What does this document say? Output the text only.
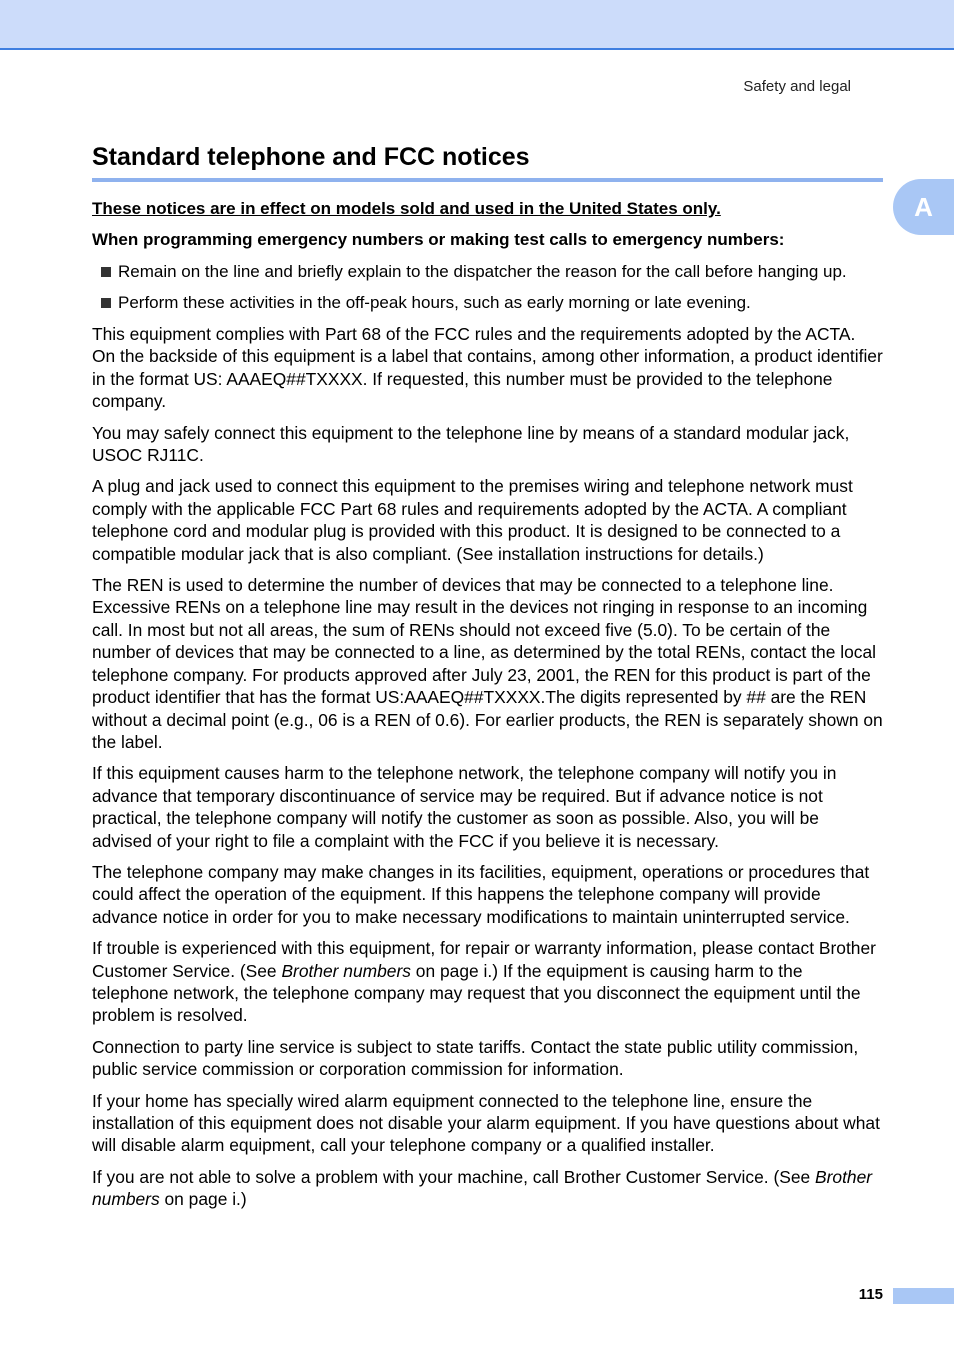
Safety and legal
A
Standard telephone and FCC notices

These notices are in effect on models sold and used in the United States only.

When programming emergency numbers or making test calls to emergency numbers:

Remain on the line and briefly explain to the dispatcher the reason for the call before hanging up.
Perform these activities in the off-peak hours, such as early morning or late evening.

This equipment complies with Part 68 of the FCC rules and the requirements adopted by the ACTA. On the backside of this equipment is a label that contains, among other information, a product identifier in the format US: AAAEQ##TXXXX. If requested, this number must be provided to the telephone company.

You may safely connect this equipment to the telephone line by means of a standard modular jack, USOC RJ11C.

A plug and jack used to connect this equipment to the premises wiring and telephone network must comply with the applicable FCC Part 68 rules and requirements adopted by the ACTA. A compliant telephone cord and modular plug is provided with this product. It is designed to be connected to a compatible modular jack that is also compliant. (See installation instructions for details.)

The REN is used to determine the number of devices that may be connected to a telephone line. Excessive RENs on a telephone line may result in the devices not ringing in response to an incoming call. In most but not all areas, the sum of RENs should not exceed five (5.0). To be certain of the number of devices that may be connected to a line, as determined by the total RENs, contact the local telephone company. For products approved after July 23, 2001, the REN for this product is part of the product identifier that has the format US:AAAEQ##TXXXX.The digits represented by ## are the REN without a decimal point (e.g., 06 is a REN of 0.6). For earlier products, the REN is separately shown on the label.

If this equipment causes harm to the telephone network, the telephone company will notify you in advance that temporary discontinuance of service may be required. But if advance notice is not practical, the telephone company will notify the customer as soon as possible. Also, you will be advised of your right to file a complaint with the FCC if you believe it is necessary.

The telephone company may make changes in its facilities, equipment, operations or procedures that could affect the operation of the equipment. If this happens the telephone company will provide advance notice in order for you to make necessary modifications to maintain uninterrupted service.

If trouble is experienced with this equipment, for repair or warranty information, please contact Brother Customer Service. (See Brother numbers on page i.) If the equipment is causing harm to the telephone network, the telephone company may request that you disconnect the equipment until the problem is resolved.

Connection to party line service is subject to state tariffs. Contact the state public utility commission, public service commission or corporation commission for information.

If your home has specially wired alarm equipment connected to the telephone line, ensure the installation of this equipment does not disable your alarm equipment. If you have questions about what will disable alarm equipment, call your telephone company or a qualified installer.

If you are not able to solve a problem with your machine, call Brother Customer Service. (See Brother numbers on page i.)

115
